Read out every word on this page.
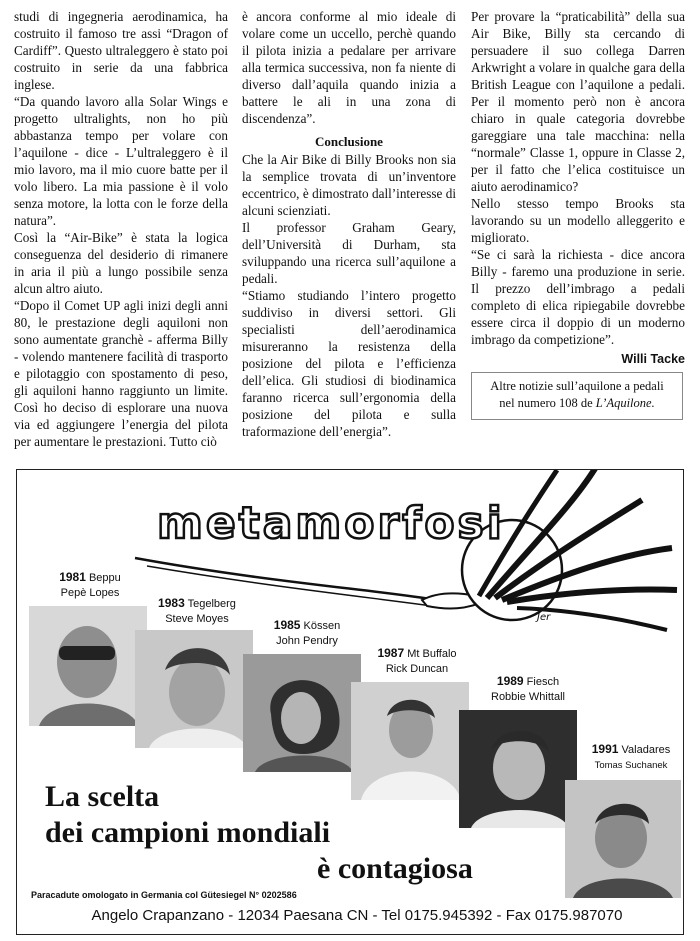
studi di ingegneria aerodinamica, ha costruito il famoso tre assi “Dragon of Cardiff”. Questo ultraleggero è stato poi costruito in serie da una fabbrica inglese.

“Da quando lavoro alla Solar Wings e progetto ultralights, non ho più abbastanza tempo per volare con l’aquilone - dice - L’ultraleggero è il mio lavoro, ma il mio cuore batte per il volo libero. La mia passione è il volo senza motore, la lotta con le forze della natura”.

Così la “Air-Bike” è stata la logica conseguenza del desiderio di rimanere in aria il più a lungo possibile senza alcun altro aiuto.

“Dopo il Comet UP agli inizi degli anni 80, le prestazione degli aquiloni non sono aumentate granchè - afferma Billy - volendo mantenere facilità di trasporto e pilotaggio con spostamento di peso, gli aquiloni hanno raggiunto un limite. Così ho deciso di esplorare una nuova via ed aggiungere l’energia del pilota per aumentare le prestazioni. Tutto ciò

è ancora conforme al mio ideale di volare come un uccello, perchè quando il pilota inizia a pedalare per arrivare alla termica successiva, non fa niente di diverso dall’aquila quando inizia a battere le ali in una zona di discendenza”.

Conclusione

Che la Air Bike di Billy Brooks non sia la semplice trovata di un’inventore eccentrico, è dimostrato dall’interesse di alcuni scienziati.

Il professor Graham Geary, dell’Università di Durham, sta sviluppando una ricerca sull’aquilone a pedali.

“Stiamo studiando l’intero progetto suddiviso in diversi settori. Gli specialisti dell’aerodinamica misureranno la resistenza della posizione del pilota e l’efficienza dell’elica. Gli studiosi di biodinamica faranno ricerca sull’ergonomia della posizione del pilota e sulla traformazione dell’energia”.

Per provare la “praticabilità” della sua Air Bike, Billy sta cercando di persuadere il suo collega Darren Arkwright a volare in qualche gara della British League con l’aquilone a pedali. Per il momento però non è ancora chiaro in quale categoria dovrebbe gareggiare una tale macchina: nella “normale” Classe 1, oppure in Classe 2, per il fatto che l’elica costituisce un aiuto aerodinamico?

Nello stesso tempo Brooks sta lavorando su un modello alleggerito e migliorato.

“Se ci sarà la richiesta - dice ancora Billy - faremo una produzione in serie. Il prezzo dell’imbrago a pedali completo di elica ripiegabile dovrebbe essere circa il doppio di un moderno imbrago da competizione”.

Willi Tacke
Altre notizie sull’aquilone a pedali
nel numero 108 de L’Aquilone.
metamorfosi
Jer
1981 Beppu
Pepè Lopes
1983 Tegelberg
Steve Moyes	1985 Kössen
John Pendry
1987 Mt Buffalo
Rick Duncan
1989 Fiesch
Robbie Whittall
1991 Valadares
Tomas Suchanek
La scelta
dei campioni mondiali
è contagiosa
Paracadute omologato in Germania col Gütesiegel N° 0202586
Angelo Crapanzano - 12034 Paesana CN - Tel 0175.945392 - Fax 0175.987070
